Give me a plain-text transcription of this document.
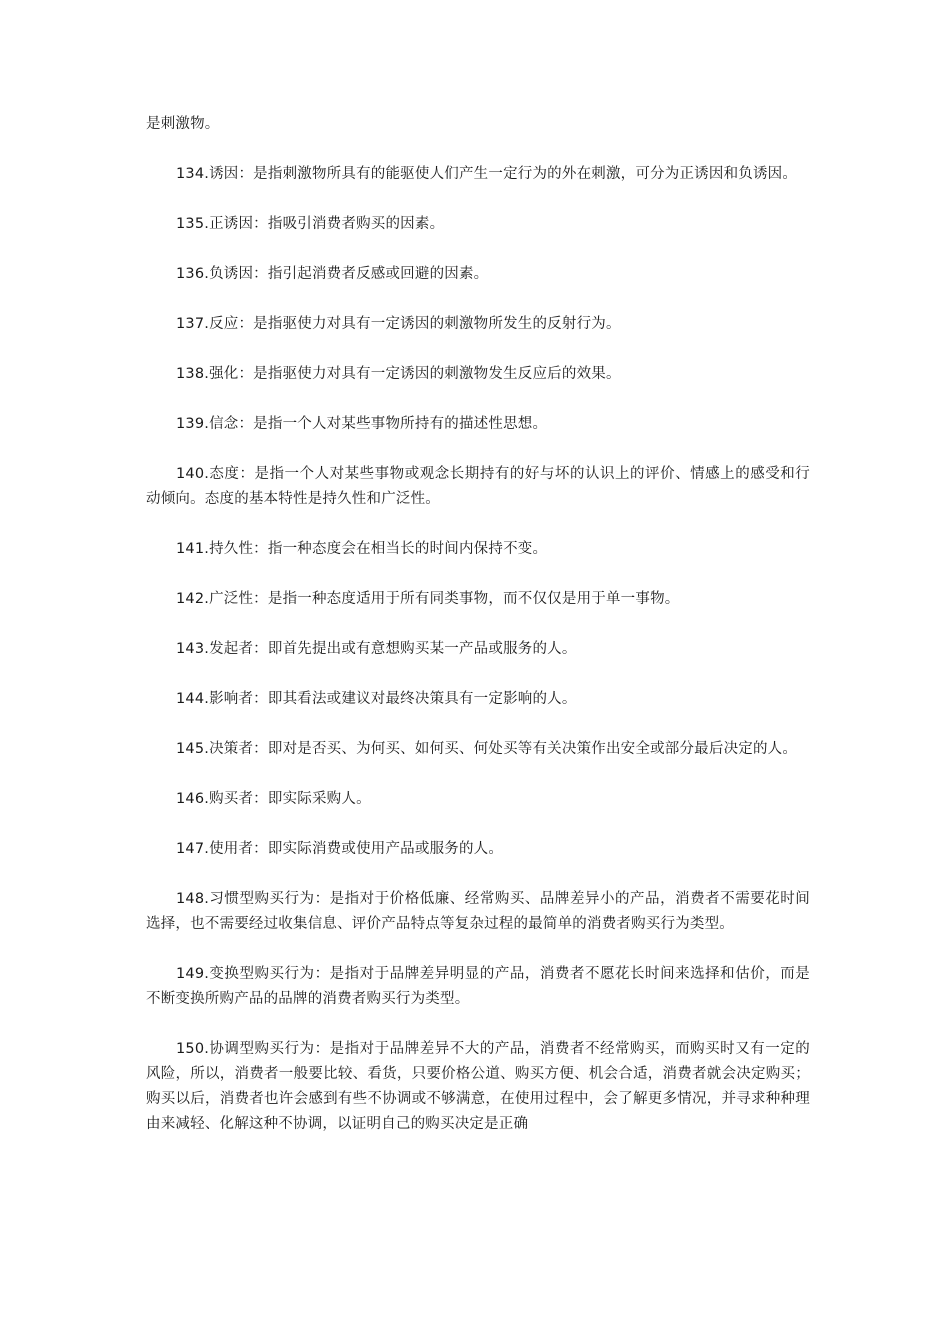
是刺激物。

134.诱因：是指刺激物所具有的能驱使人们产生一定行为的外在刺激，可分为正诱因和负诱因。

135.正诱因：指吸引消费者购买的因素。

136.负诱因：指引起消费者反感或回避的因素。

137.反应：是指驱使力对具有一定诱因的刺激物所发生的反射行为。

138.强化：是指驱使力对具有一定诱因的刺激物发生反应后的效果。

139.信念：是指一个人对某些事物所持有的描述性思想。

140.态度：是指一个人对某些事物或观念长期持有的好与坏的认识上的评价、情感上的感受和行动倾向。态度的基本特性是持久性和广泛性。

141.持久性：指一种态度会在相当长的时间内保持不变。

142.广泛性：是指一种态度适用于所有同类事物，而不仅仅是用于单一事物。

143.发起者：即首先提出或有意想购买某一产品或服务的人。

144.影响者：即其看法或建议对最终决策具有一定影响的人。

145.决策者：即对是否买、为何买、如何买、何处买等有关决策作出安全或部分最后决定的人。

146.购买者：即实际采购人。

147.使用者：即实际消费或使用产品或服务的人。

148.习惯型购买行为：是指对于价格低廉、经常购买、品牌差异小的产品，消费者不需要花时间选择，也不需要经过收集信息、评价产品特点等复杂过程的最简单的消费者购买行为类型。

149.变换型购买行为：是指对于品牌差异明显的产品，消费者不愿花长时间来选择和估价，而是不断变换所购产品的品牌的消费者购买行为类型。

150.协调型购买行为：是指对于品牌差异不大的产品，消费者不经常购买，而购买时又有一定的风险，所以，消费者一般要比较、看货，只要价格公道、购买方便、机会合适，消费者就会决定购买；购买以后，消费者也许会感到有些不协调或不够满意，在使用过程中，会了解更多情况，并寻求种种理由来减轻、化解这种不协调，以证明自己的购买决定是正确
